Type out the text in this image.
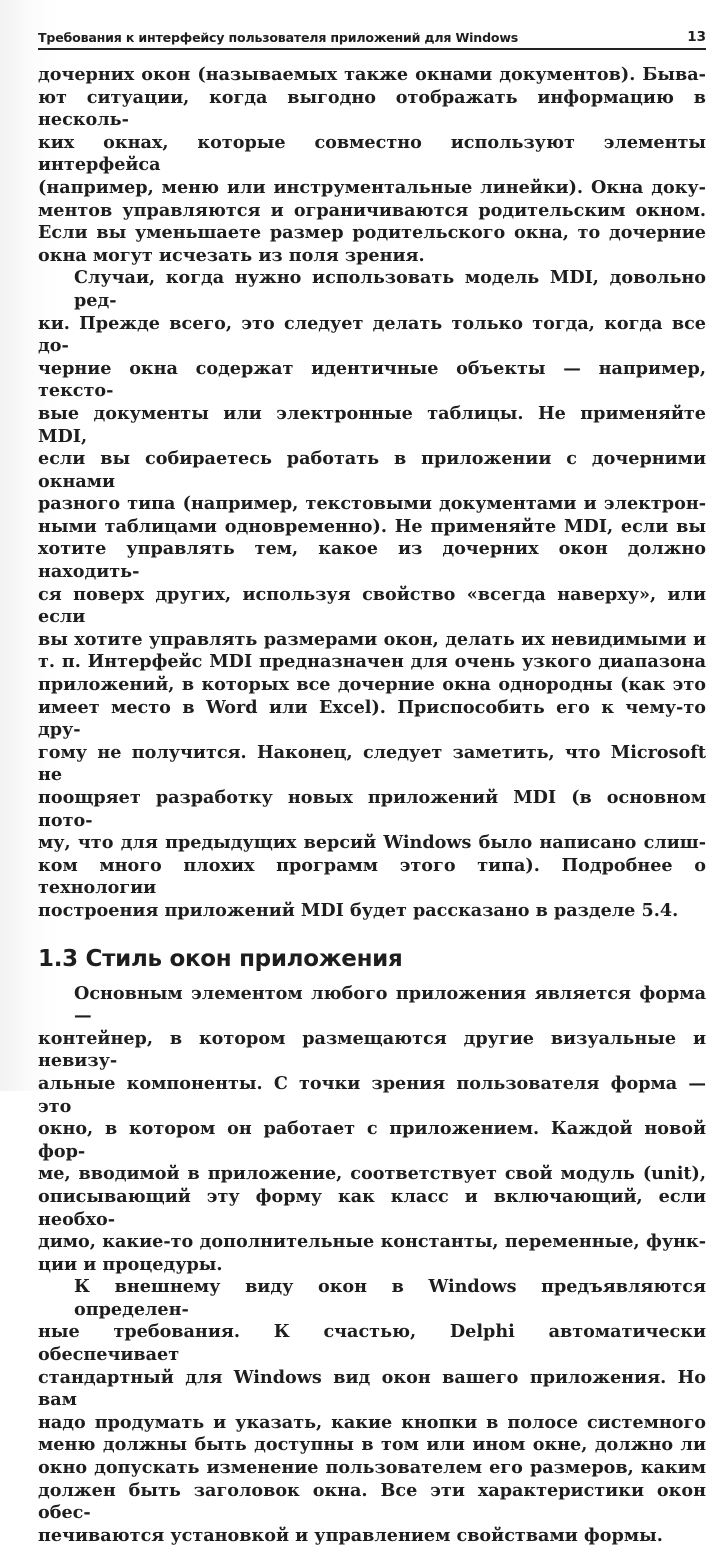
Требования к интерфейсу пользователя приложений для Windows	13

дочерних окон (называемых также окнами документов). Быва-
ют ситуации, когда выгодно отображать информацию в несколь-
ких окнах, которые совместно используют элементы интерфейса
(например, меню или инструментальные линейки). Окна доку-
ментов управляются и ограничиваются родительским окном.
Если вы уменьшаете размер родительского окна, то дочерние
окна могут исчезать из поля зрения.

Случаи, когда нужно использовать модель MDI, довольно ред-
ки. Прежде всего, это следует делать только тогда, когда все до-
черние окна содержат идентичные объекты — например, тексто-
вые документы или электронные таблицы. Не применяйте MDI,
если вы собираетесь работать в приложении с дочерними окнами
разного типа (например, текстовыми документами и электрон-
ными таблицами одновременно). Не применяйте MDI, если вы
хотите управлять тем, какое из дочерних окон должно находить-
ся поверх других, используя свойство «всегда наверху», или если
вы хотите управлять размерами окон, делать их невидимыми и
т. п. Интерфейс MDI предназначен для очень узкого диапазона
приложений, в которых все дочерние окна однородны (как это
имеет место в Word или Excel). Приспособить его к чему-то дру-
гому не получится. Наконец, следует заметить, что Microsoft не
поощряет разработку новых приложений MDI (в основном пото-
му, что для предыдущих версий Windows было написано слиш-
ком много плохих программ этого типа). Подробнее о технологии
построения приложений MDI будет рассказано в разделе 5.4.

1.3 Стиль окон приложения

Основным элементом любого приложения является форма —
контейнер, в котором размещаются другие визуальные и невизу-
альные компоненты. С точки зрения пользователя форма — это
окно, в котором он работает с приложением. Каждой новой фор-
ме, вводимой в приложение, соответствует свой модуль (unit),
описывающий эту форму как класс и включающий, если необхо-
димо, какие-то дополнительные константы, переменные, функ-
ции и процедуры.

К внешнему виду окон в Windows предъявляются определен-
ные требования. К счастью, Delphi автоматически обеспечивает
стандартный для Windows вид окон вашего приложения. Но вам
надо продумать и указать, какие кнопки в полосе системного
меню должны быть доступны в том или ином окне, должно ли
окно допускать изменение пользователем его размеров, каким
должен быть заголовок окна. Все эти характеристики окон обес-
печиваются установкой и управлением свойствами формы.
